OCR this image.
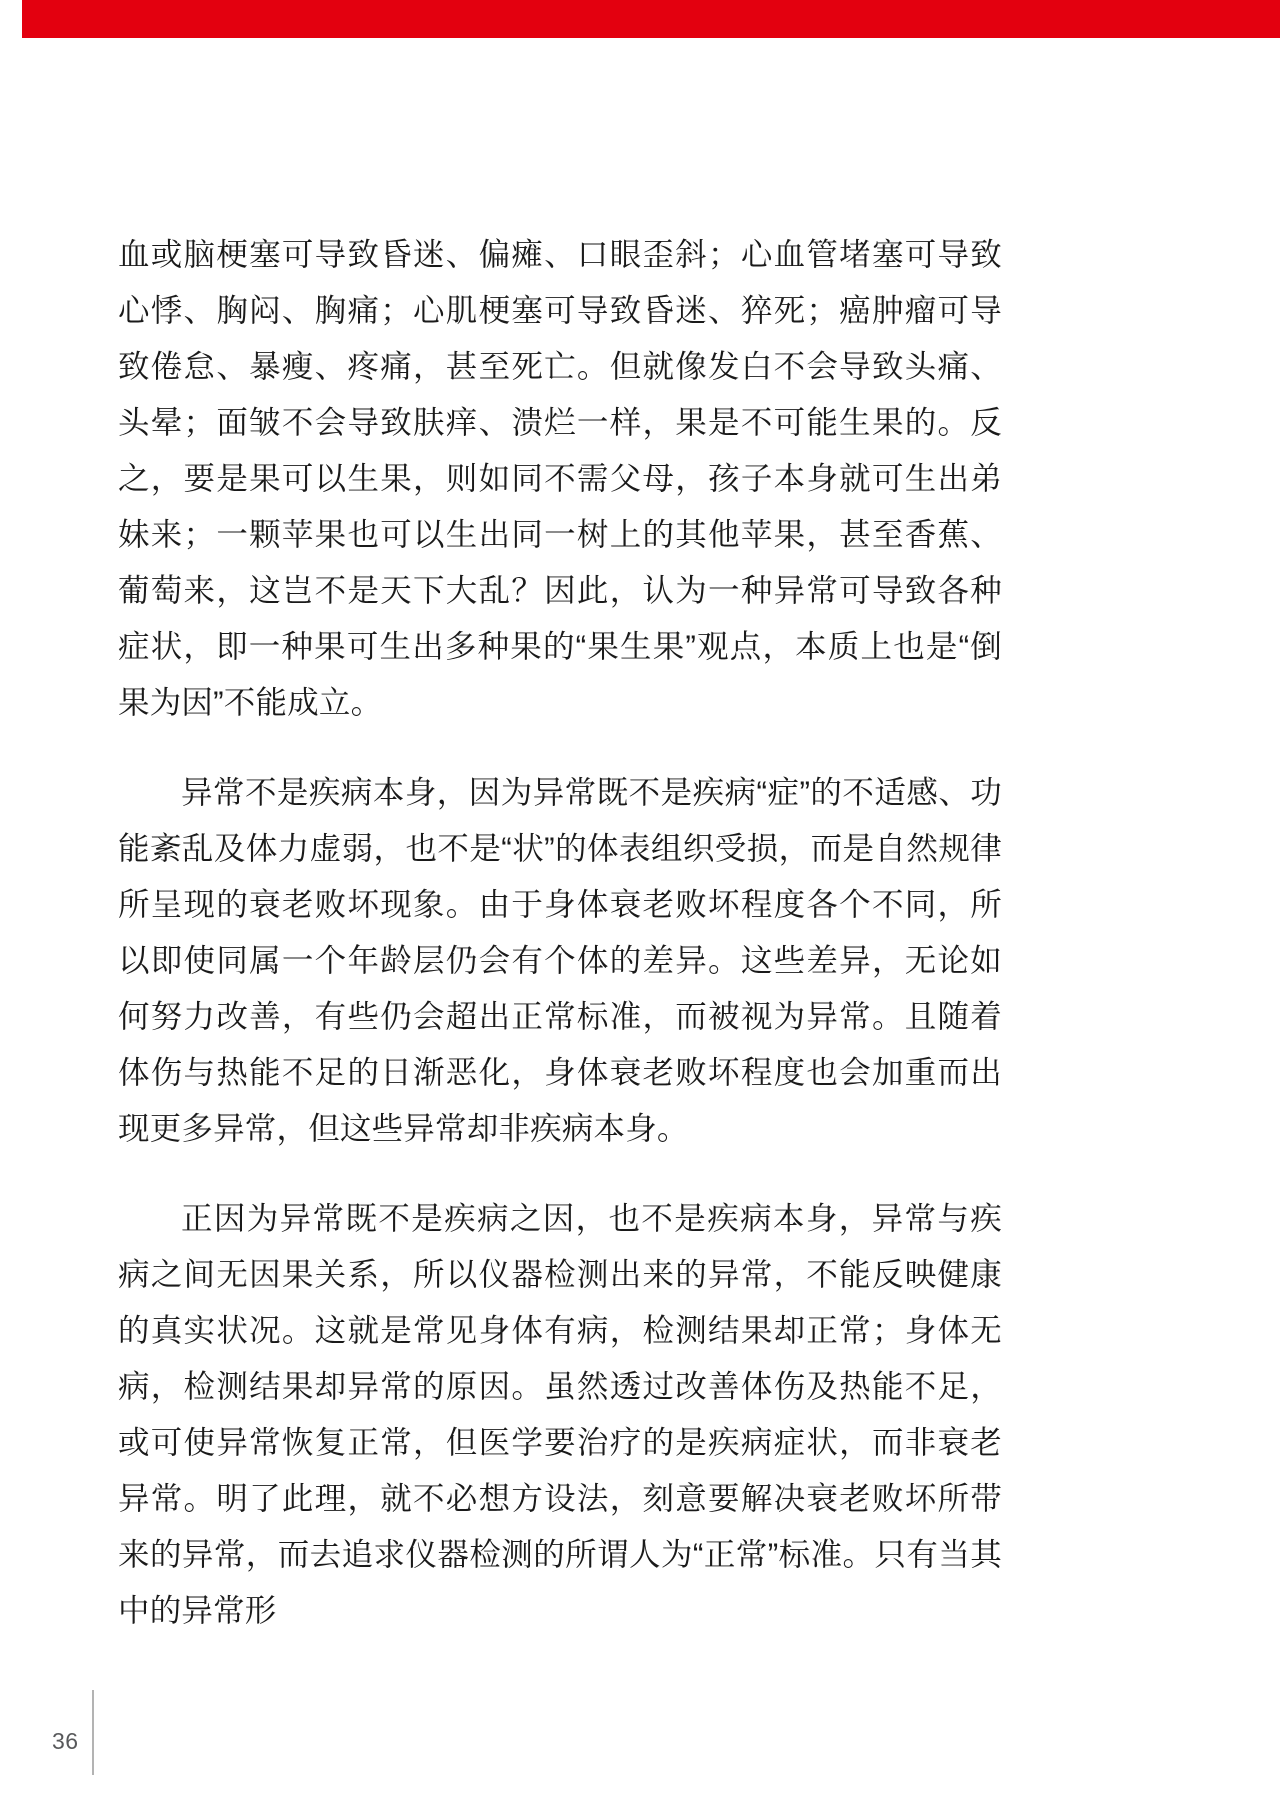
血或脑梗塞可导致昏迷、偏瘫、口眼歪斜；心血管堵塞可导致心悸、胸闷、胸痛；心肌梗塞可导致昏迷、猝死；癌肿瘤可导致倦怠、暴瘦、疼痛，甚至死亡。但就像发白不会导致头痛、头晕；面皱不会导致肤痒、溃烂一样，果是不可能生果的。反之，要是果可以生果，则如同不需父母，孩子本身就可生出弟妹来；一颗苹果也可以生出同一树上的其他苹果，甚至香蕉、葡萄来，这岂不是天下大乱？因此，认为一种异常可导致各种症状，即一种果可生出多种果的“果生果”观点，本质上也是“倒果为因”不能成立。

异常不是疾病本身，因为异常既不是疾病“症”的不适感、功能紊乱及体力虚弱，也不是“状”的体表组织受损，而是自然规律所呈现的衰老败坏现象。由于身体衰老败坏程度各个不同，所以即使同属一个年龄层仍会有个体的差异。这些差异，无论如何努力改善，有些仍会超出正常标准，而被视为异常。且随着体伤与热能不足的日渐恶化，身体衰老败坏程度也会加重而出现更多异常，但这些异常却非疾病本身。

正因为异常既不是疾病之因，也不是疾病本身，异常与疾病之间无因果关系，所以仪器检测出来的异常，不能反映健康的真实状况。这就是常见身体有病，检测结果却正常；身体无病，检测结果却异常的原因。虽然透过改善体伤及热能不足，或可使异常恢复正常，但医学要治疗的是疾病症状，而非衰老异常。明了此理，就不必想方设法，刻意要解决衰老败坏所带来的异常，而去追求仪器检测的所谓人为“正常”标准。只有当其中的异常形

36
